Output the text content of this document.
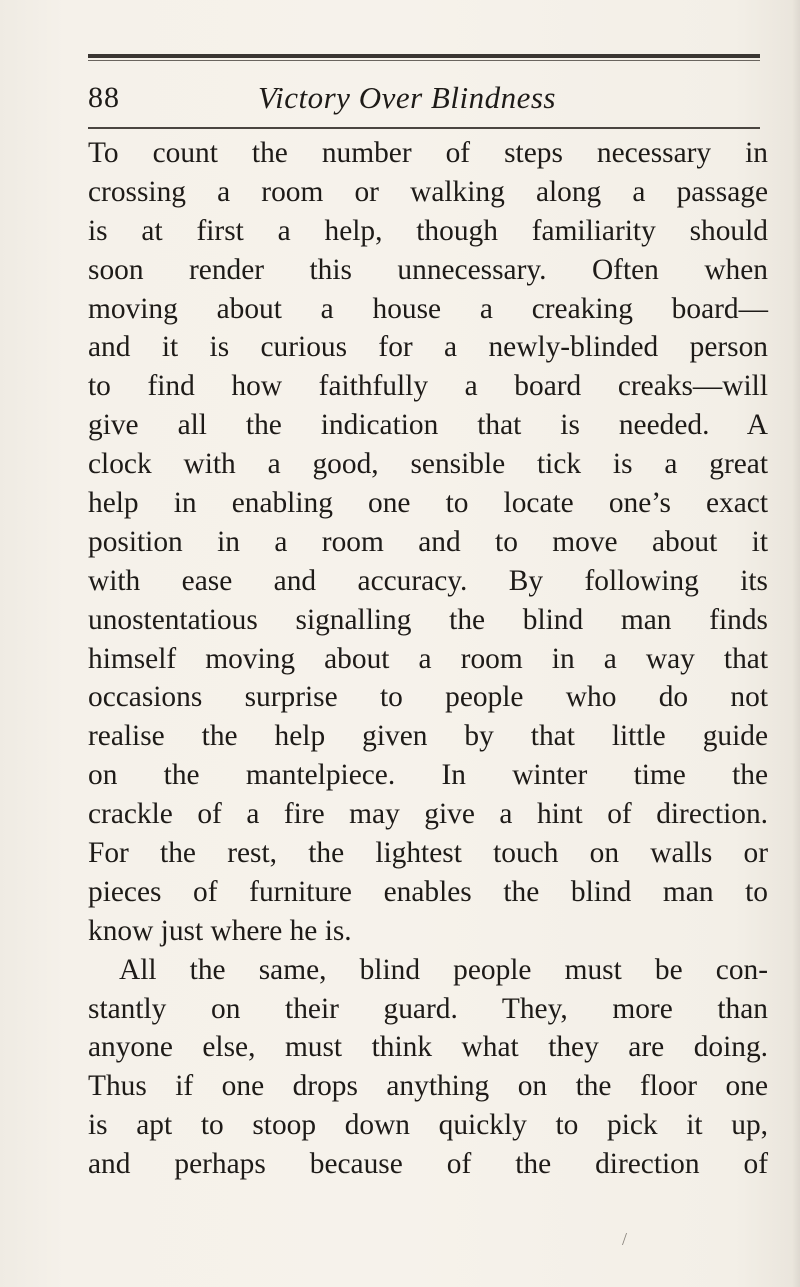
88	Victory Over Blindness
To count the number of steps necessary in
crossing a room or walking along a passage
is at first a help, though familiarity should
soon render this unnecessary. Often when
moving about a house a creaking board—
and it is curious for a newly-blinded person
to find how faithfully a board creaks—will
give all the indication that is needed. A
clock with a good, sensible tick is a great
help in enabling one to locate one’s exact
position in a room and to move about it
with ease and accuracy. By following its
unostentatious signalling the blind man finds
himself moving about a room in a way that
occasions surprise to people who do not
realise the help given by that little guide
on the mantelpiece. In winter time the
crackle of a fire may give a hint of direction.
For the rest, the lightest touch on walls or
pieces of furniture enables the blind man to
know just where he is.
All the same, blind people must be con-
stantly on their guard. They, more than
anyone else, must think what they are doing.
Thus if one drops anything on the floor one
is apt to stoop down quickly to pick it up,
and perhaps because of the direction of
/
